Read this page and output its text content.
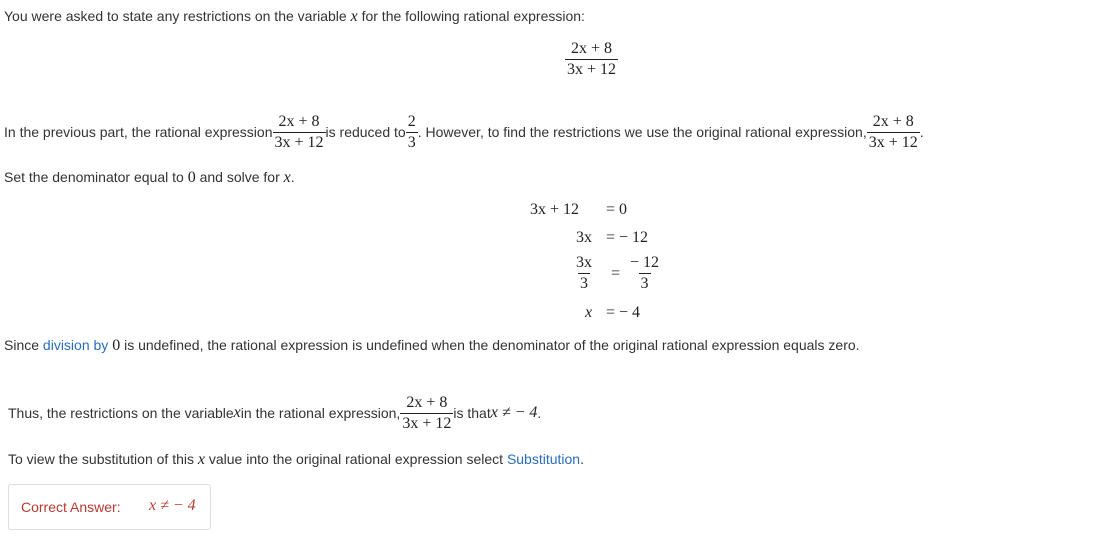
You were asked to state any restrictions on the variable x for the following rational expression:
$\frac{2x + 8}{3x + 12}$
In the previous part, the rational expression $\frac{2x + 8}{3x + 12}$ is reduced to $\frac{2}{3}$ . However, to find the restrictions we use the original rational expression, $\frac{2x + 8}{3x + 12}$ .
Set the denominator equal to 0 and solve for x.
3x + 12 = 0
3x = − 12
$\frac{3x}{3} = \frac{- 12}{3}$
x = − 4
Since division by 0 is undefined, the rational expression is undefined when the denominator of the original rational expression equals zero.
Thus, the restrictions on the variable x in the rational expression, $\frac{2x + 8}{3x + 12}$ is that x ≠ − 4 .
To view the substitution of this x value into the original rational expression select Substitution.
Correct Answer: x ≠ − 4
